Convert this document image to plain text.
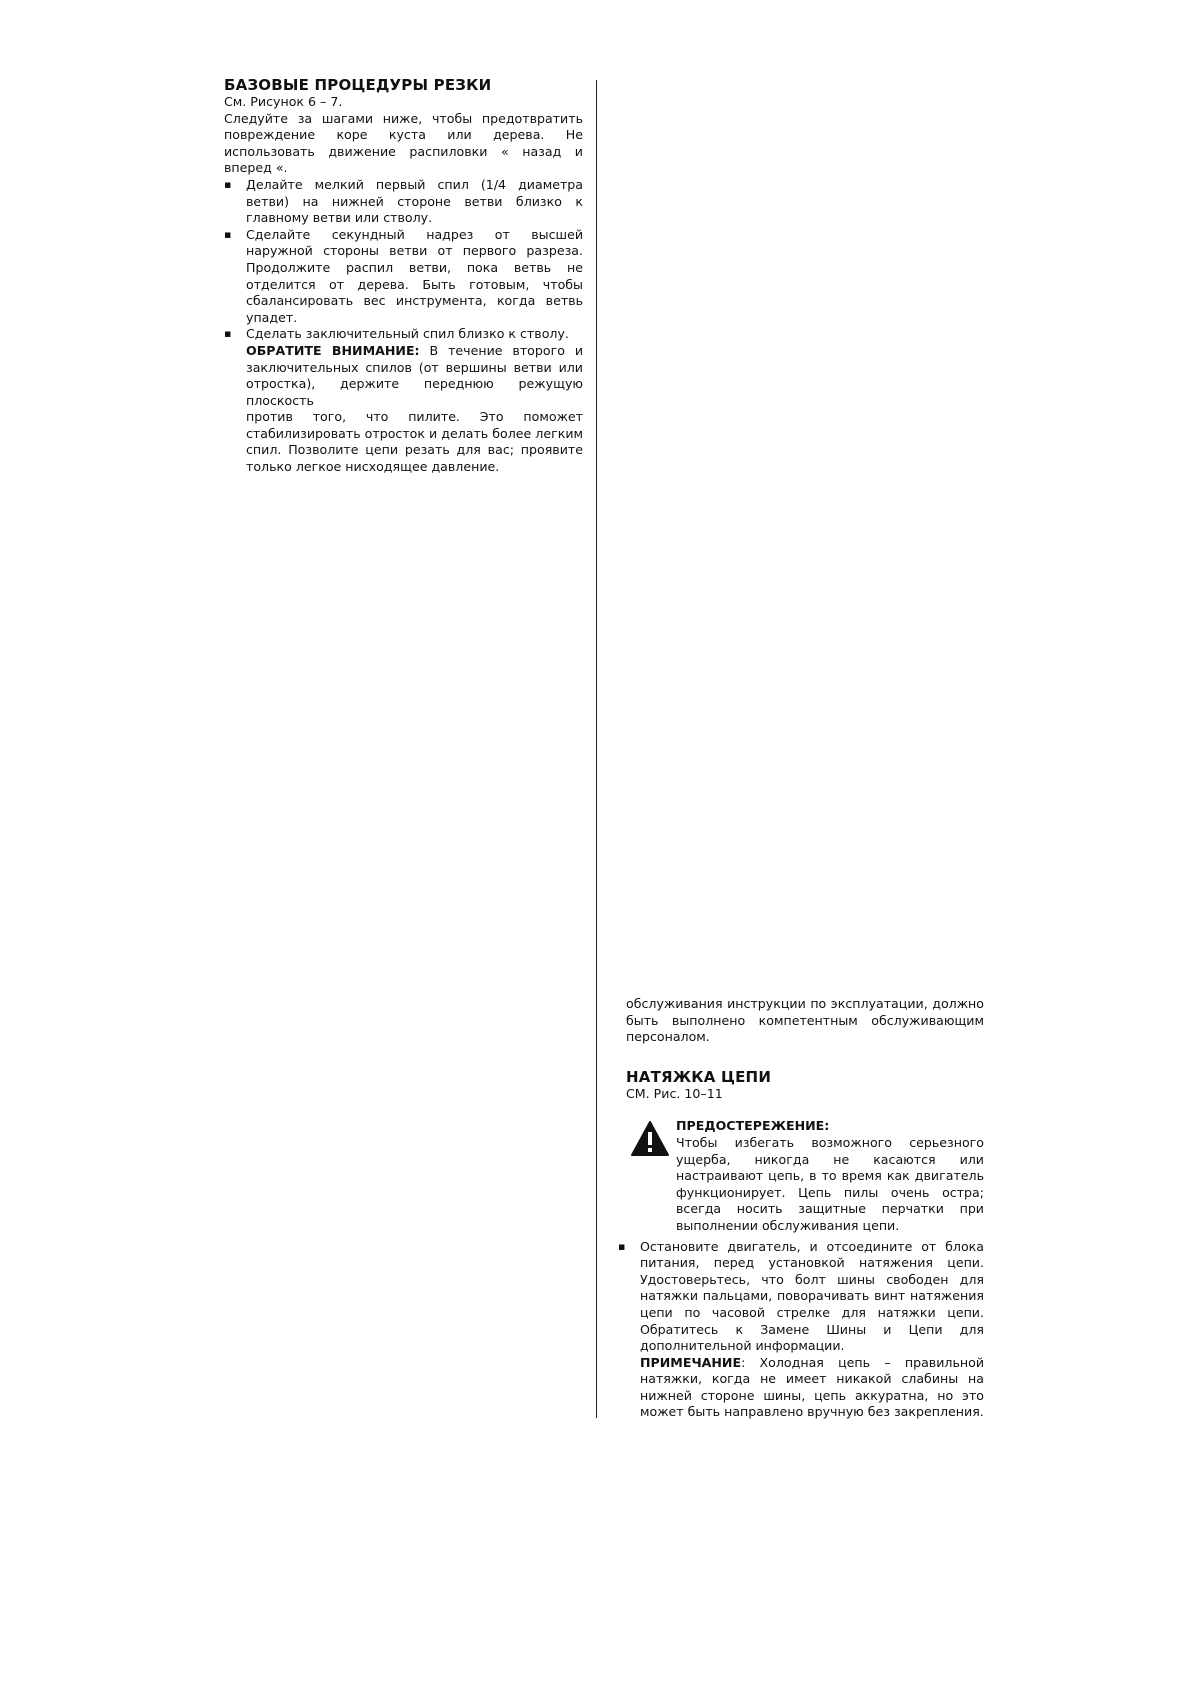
БАЗОВЫЕ ПРОЦЕДУРЫ РЕЗКИ

См. Рисунок 6 – 7.

Следуйте за шагами ниже, чтобы предотвратить повреждение коре куста или дерева. Не использовать движение распиловки « назад и вперед «.

▪ Делайте мелкий первый спил (1/4 диаметра ветви) на нижней стороне ветви близко к главному ветви или стволу.
▪ Сделайте секундный надрез от высшей наружной стороны ветви от первого разреза. Продолжите распил ветви, пока ветвь не отделится от дерева. Быть готовым, чтобы сбалансировать вес инструмента, когда ветвь упадет.
▪ Сделать заключительный спил близко к стволу.
ОБРАТИТЕ ВНИМАНИЕ: В течение второго и заключительных спилов (от вершины ветви или отростка), держите переднюю режущую плоскость
против того, что пилите. Это поможет стабилизировать отросток и делать более легким спил. Позволите цепи резать для вас; проявите только легкое нисходящее давление.

обслуживания инструкции по эксплуатации, должно быть выполнено компетентным обслуживающим персоналом.

НАТЯЖКА ЦЕПИ

СМ. Рис. 10–11

ПРЕДОСТЕРЕЖЕНИЕ:

Чтобы избегать возможного серьезного ущерба, никогда не касаются или настраивают цепь, в то время как двигатель функционирует. Цепь пилы очень остра; всегда носить защитные перчатки при выполнении обслуживания цепи.

▪ Остановите двигатель, и отсоедините от блока питания, перед установкой натяжения цепи. Удостоверьтесь, что болт шины свободен для натяжки пальцами, поворачивать винт натяжения цепи по часовой стрелке для натяжки цепи. Обратитесь к Замене Шины и Цепи для дополнительной информации.
ПРИМЕЧАНИЕ: Холодная цепь – правильной натяжки, когда не имеет никакой слабины на нижней стороне шины, цепь аккуратна, но это может быть направлено вручную без закрепления.
